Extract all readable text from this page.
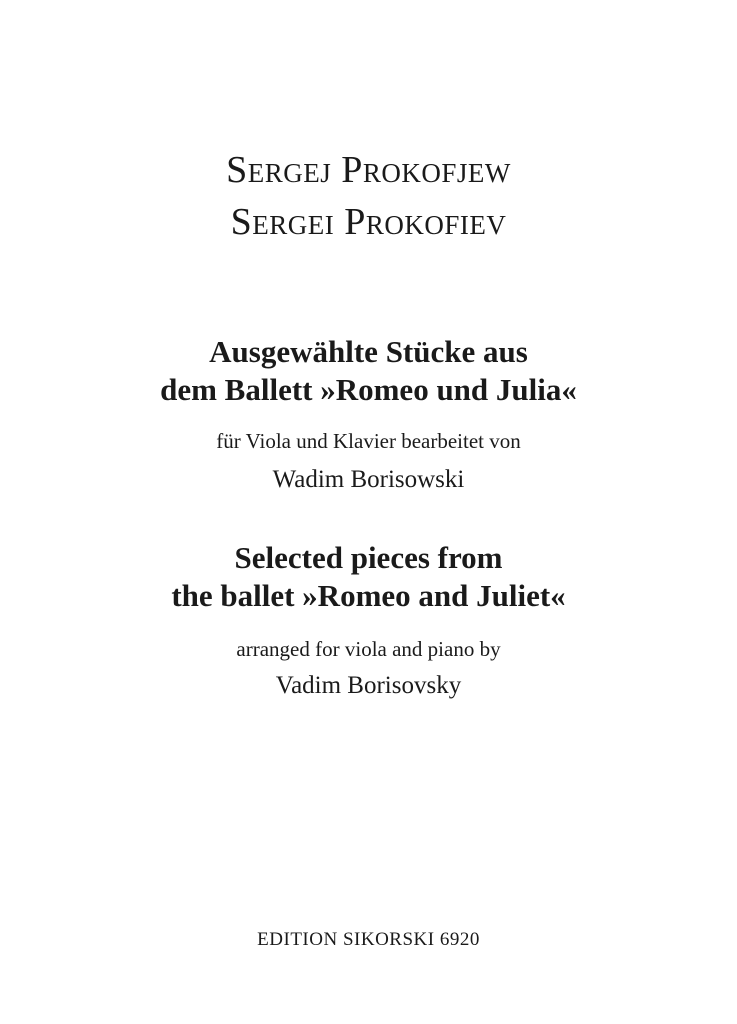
Sergej Prokofjew
Sergei Prokofiev
Ausgewählte Stücke aus
dem Ballett »Romeo und Julia«
für Viola und Klavier bearbeitet von
Wadim Borisowski
Selected pieces from
the ballet »Romeo and Juliet«
arranged for viola and piano by
Vadim Borisovsky
EDITION SIKORSKI 6920
